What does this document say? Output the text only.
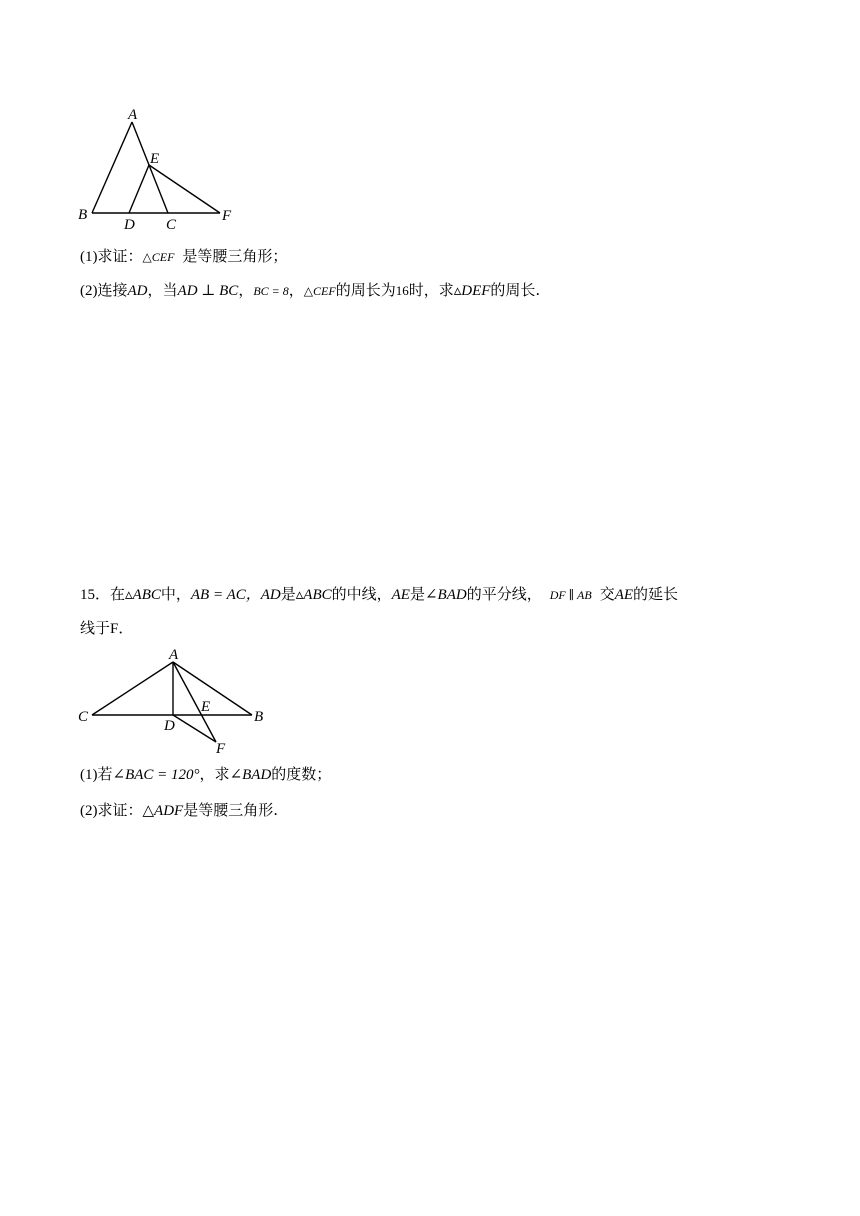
A
B
C
D
E
F
(1)求证：△CEF 是等腰三角形；
(2)连接AD，当AD ⊥ BC，BC = 8，△CEF的周长为16时，求▵DEF的周长.
15．在▵ABC中，AB = AC，AD是▵ABC的中线，AE是∠BAD的平分线， DF ∥ AB 交AE的延长
线于F．
A
C	B
D
E
F
(1)若∠BAC = 120°，求∠BAD的度数；
(2)求证：△ADF是等腰三角形.
